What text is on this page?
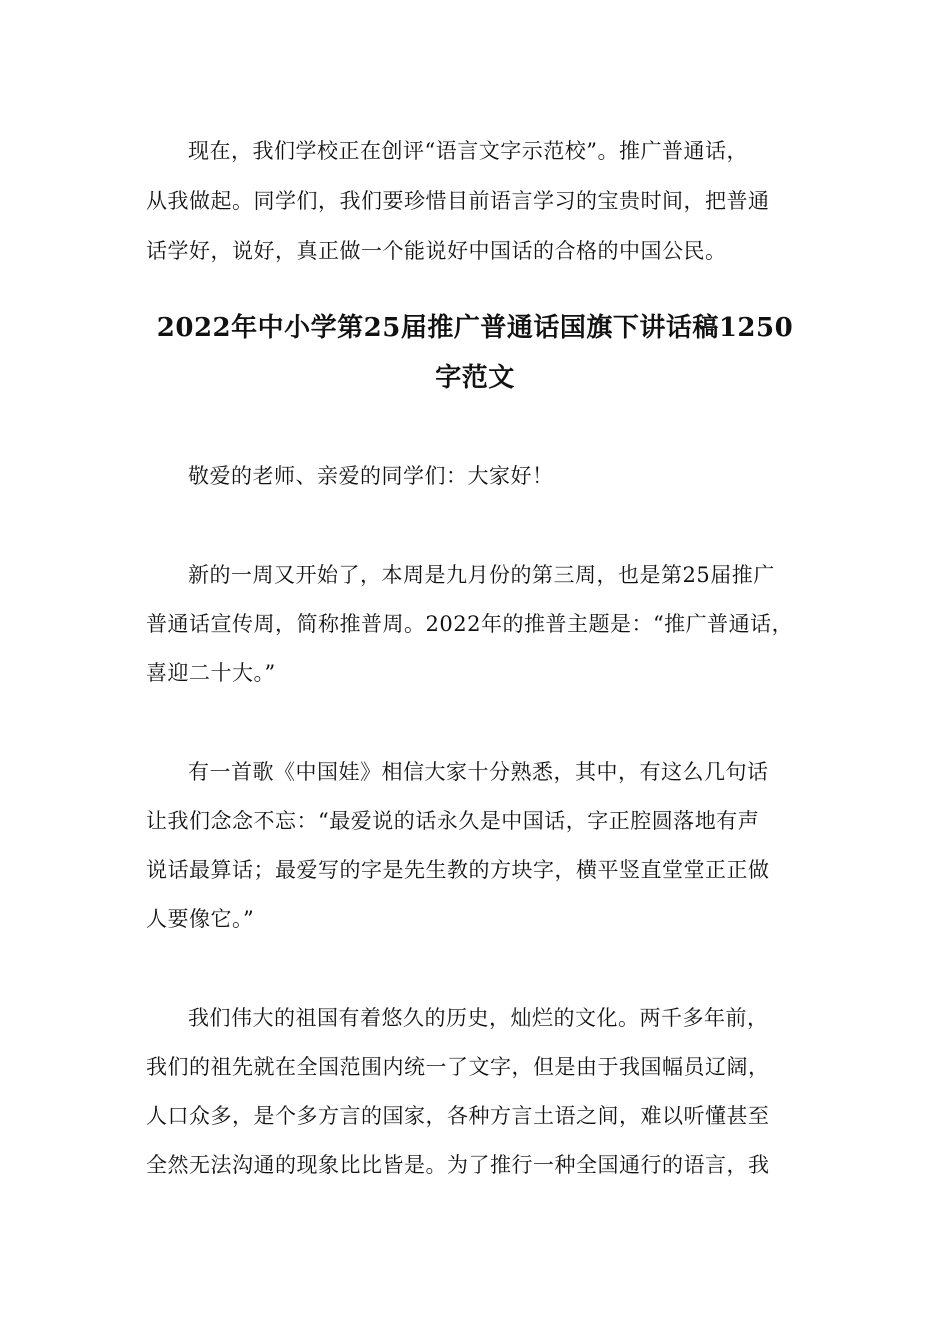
现在，我们学校正在创评“语言文字示范校”。推广普通话，
从我做起。同学们，我们要珍惜目前语言学习的宝贵时间，把普通
话学好，说好，真正做一个能说好中国话的合格的中国公民。
2022年中小学第25届推广普通话国旗下讲话稿1250
字范文
敬爱的老师、亲爱的同学们：大家好！
新的一周又开始了，本周是九月份的第三周，也是第25届推广
普通话宣传周，简称推普周。2022年的推普主题是：“推广普通话，
喜迎二十大。”
有一首歌《中国娃》相信大家十分熟悉，其中，有这么几句话
让我们念念不忘：“最爱说的话永久是中国话，字正腔圆落地有声
说话最算话；最爱写的字是先生教的方块字，横平竖直堂堂正正做
人要像它。”
我们伟大的祖国有着悠久的历史，灿烂的文化。两千多年前，
我们的祖先就在全国范围内统一了文字，但是由于我国幅员辽阔，
人口众多，是个多方言的国家，各种方言土语之间，难以听懂甚至
全然无法沟通的现象比比皆是。为了推行一种全国通行的语言，我
